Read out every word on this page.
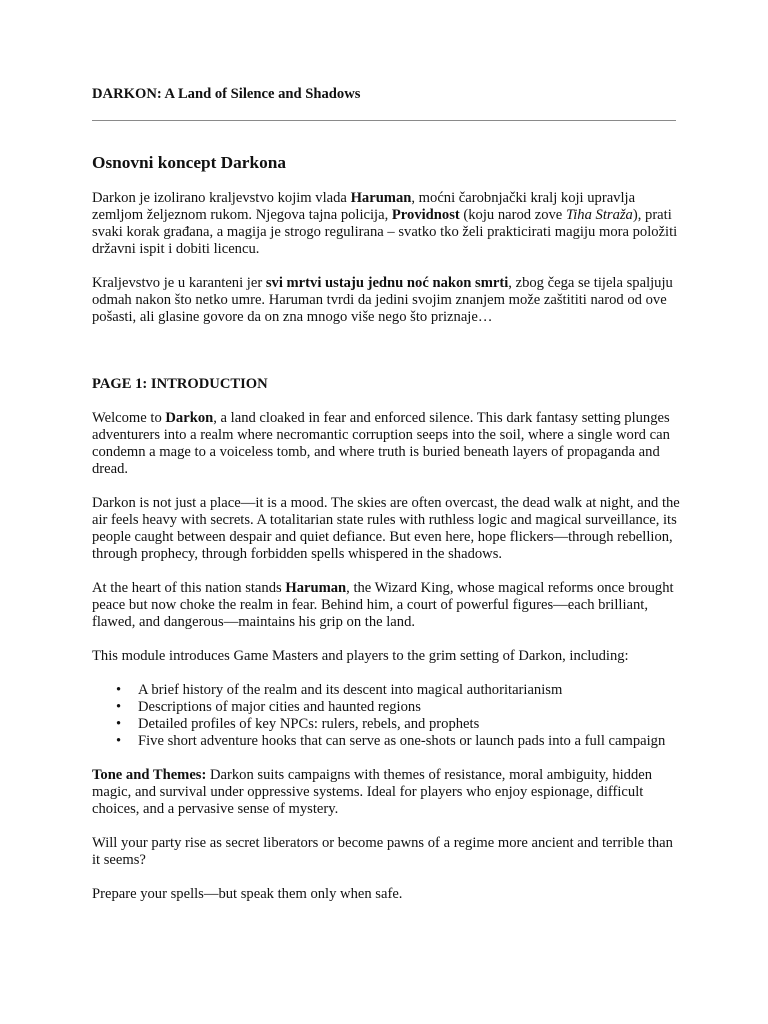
DARKON: A Land of Silence and Shadows
Osnovni koncept Darkona

Darkon je izolirano kraljevstvo kojim vlada Haruman, moćni čarobnjački kralj koji upravlja zemljom željeznom rukom. Njegova tajna policija, Providnost (koju narod zove Tiha Straža), prati svaki korak građana, a magija je strogo regulirana – svatko tko želi prakticirati magiju mora položiti državni ispit i dobiti licencu.

Kraljevstvo je u karanteni jer svi mrtvi ustaju jednu noć nakon smrti, zbog čega se tijela spaljuju odmah nakon što netko umre. Haruman tvrdi da jedini svojim znanjem može zaštititi narod od ove pošasti, ali glasine govore da on zna mnogo više nego što priznaje…

PAGE 1: INTRODUCTION

Welcome to Darkon, a land cloaked in fear and enforced silence. This dark fantasy setting plunges adventurers into a realm where necromantic corruption seeps into the soil, where a single word can condemn a mage to a voiceless tomb, and where truth is buried beneath layers of propaganda and dread.

Darkon is not just a place—it is a mood. The skies are often overcast, the dead walk at night, and the air feels heavy with secrets. A totalitarian state rules with ruthless logic and magical surveillance, its people caught between despair and quiet defiance. But even here, hope flickers—through rebellion, through prophecy, through forbidden spells whispered in the shadows.

At the heart of this nation stands Haruman, the Wizard King, whose magical reforms once brought peace but now choke the realm in fear. Behind him, a court of powerful figures—each brilliant, flawed, and dangerous—maintains his grip on the land.

This module introduces Game Masters and players to the grim setting of Darkon, including:

• A brief history of the realm and its descent into magical authoritarianism
• Descriptions of major cities and haunted regions
• Detailed profiles of key NPCs: rulers, rebels, and prophets
• Five short adventure hooks that can serve as one-shots or launch pads into a full campaign

Tone and Themes: Darkon suits campaigns with themes of resistance, moral ambiguity, hidden magic, and survival under oppressive systems. Ideal for players who enjoy espionage, difficult choices, and a pervasive sense of mystery.

Will your party rise as secret liberators or become pawns of a regime more ancient and terrible than it seems?

Prepare your spells—but speak them only when safe.
